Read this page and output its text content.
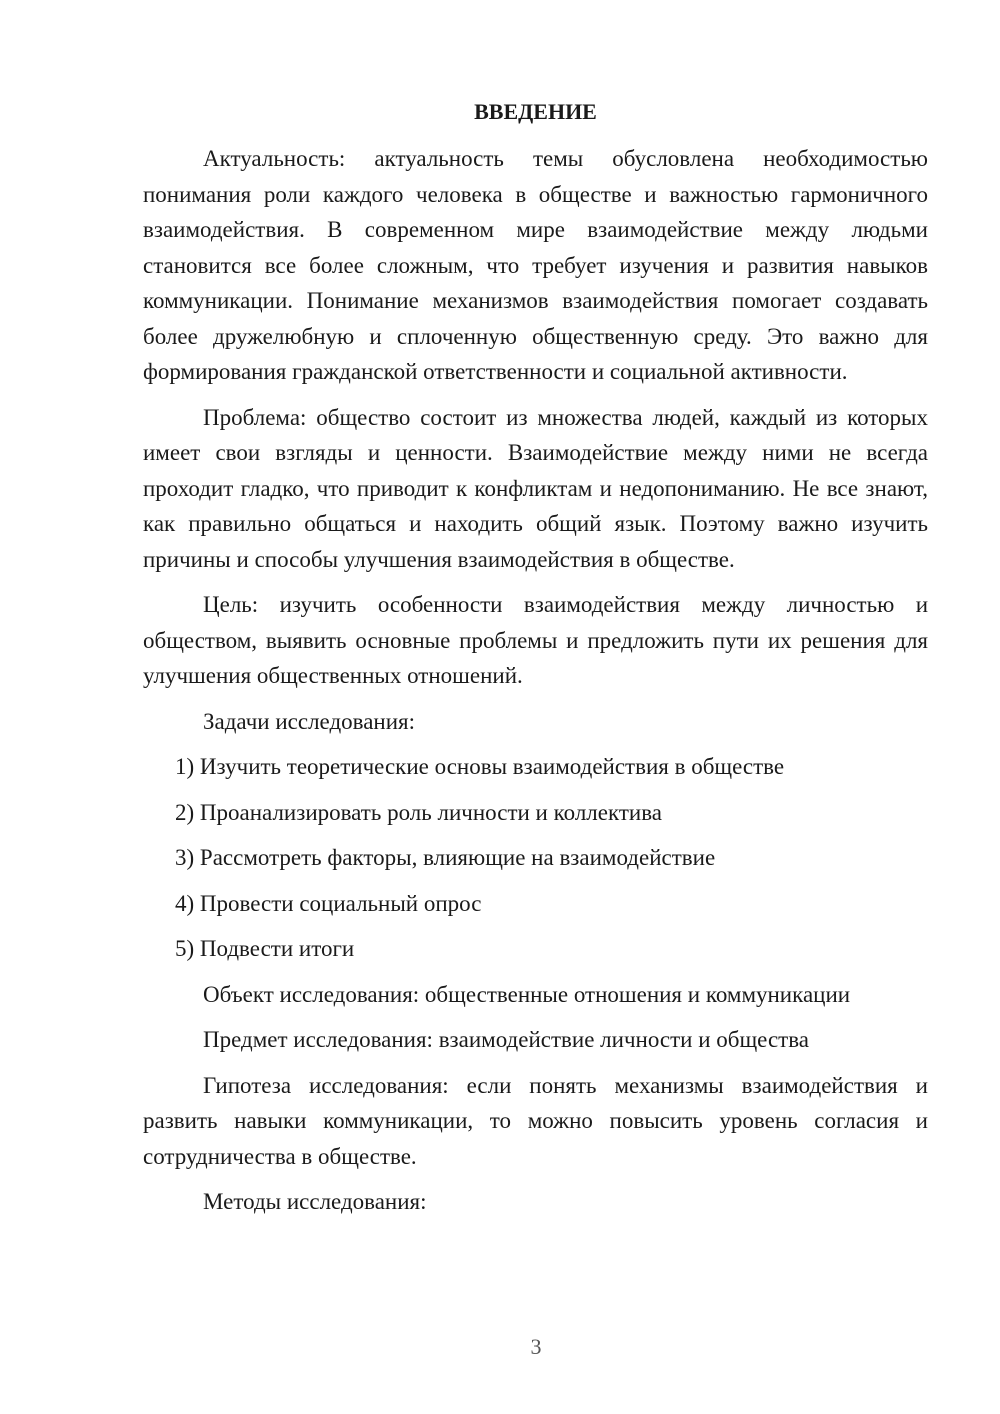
ВВЕДЕНИЕ

Актуальность: актуальность темы обусловлена необходимостью понимания роли каждого человека в обществе и важностью гармоничного взаимодействия. В современном мире взаимодействие между людьми становится все более сложным, что требует изучения и развития навыков коммуникации. Понимание механизмов взаимодействия помогает создавать более дружелюбную и сплоченную общественную среду. Это важно для формирования гражданской ответственности и социальной активности.

Проблема: общество состоит из множества людей, каждый из которых имеет свои взгляды и ценности. Взаимодействие между ними не всегда проходит гладко, что приводит к конфликтам и недопониманию. Не все знают, как правильно общаться и находить общий язык. Поэтому важно изучить причины и способы улучшения взаимодействия в обществе.

Цель: изучить особенности взаимодействия между личностью и обществом, выявить основные проблемы и предложить пути их решения для улучшения общественных отношений.

Задачи исследования:

1) Изучить теоретические основы взаимодействия в обществе

2) Проанализировать роль личности и коллектива

3) Рассмотреть факторы, влияющие на взаимодействие

4) Провести социальный опрос

5) Подвести итоги

Объект исследования: общественные отношения и коммуникации

Предмет исследования: взаимодействие личности и общества

Гипотеза исследования: если понять механизмы взаимодействия и развить навыки коммуникации, то можно повысить уровень согласия и сотрудничества в обществе.

Методы исследования:

3
